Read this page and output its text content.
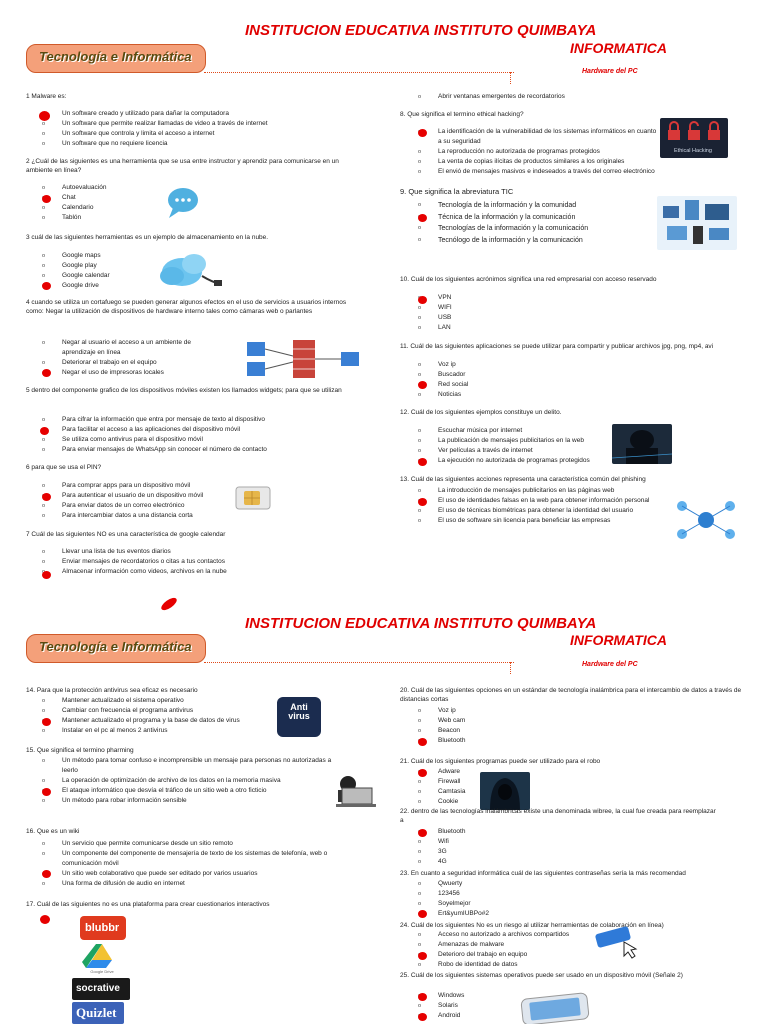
INSTITUCION EDUCATIVA INSTITUTO QUIMBAYA
Tecnología e Informática
INFORMATICA
Hardware del PC
1 Malware es:
o Un software creado y utilizado para dañar la computadora
o Un software que permite realizar llamadas de video a través de internet
o Un software que controla y limita el acceso a internet
o Un software que no requiere licencia
2 ¿Cuál de las siguientes es una herramienta que se usa entre instructor y aprendiz para comunicarse en un ambiente en línea?
o Autoevaluación
o Chat
o Calendario
o Tablón
3 cuál de las siguientes herramientas es un ejemplo de almacenamiento en la nube.
o Google maps
o Google play
o Google calendar
o Google drive
4 cuando se utiliza un cortafuego se pueden generar algunos efectos en el uso de servicios a usuarios internos como: Negar la utilización de dispositivos de hardware interno tales como cámaras web o parlantes
o Negar al usuario el acceso a un ambiente de aprendizaje en línea
o Deteriorar el trabajo en el equipo
o Negar el uso de impresoras locales
5 dentro del componente grafico de los dispositivos móviles existen los llamados widgets; para que se utilizan
o Para cifrar la información que entra por mensaje de texto al dispositivo
o Para facilitar el acceso a las aplicaciones del dispositivo móvil
o Se utiliza como antivirus para el dispositivo móvil
o Para enviar mensajes de WhatsApp sin conocer el número de contacto
6 para que se usa el PIN?
o Para comprar apps para un dispositivo móvil
o Para autenticar el usuario de un dispositivo móvil
o Para enviar datos de un correo electrónico
o Para intercambiar datos a una distancia corta
7 Cuál de las siguientes NO es una característica de google calendar
o Llevar una lista de tus eventos diarios
o Enviar mensajes de recordatorios o citas a tus contactos
o Almacenar información como videos, archivos en la nube
o Abrir ventanas emergentes de recordatorios
8. Que significa el termino ethical hacking?
o La identificación de la vulnerabilidad de los sistemas informáticos en cuanto a su seguridad
o La reproducción no autorizada de programas protegidos
o La venta de copias ilícitas de productos similares a los originales
o El envió de mensajes masivos e indeseados a través del correo electrónico
Ethical Hacking
9. Que significa la abreviatura TIC
o Tecnología de la información y la comunidad
o Técnica de la información y la comunicación
o Tecnologías de la información y la comunicación
o Tecnólogo de la información y la comunicación
10. Cuál de los siguientes acrónimos significa una red empresarial con acceso reservado
o VPN
o WIFI
o USB
o LAN
11. Cuál de las siguientes aplicaciones se puede utilizar para compartir y publicar archivos jpg, png, mp4, avi
o Voz ip
o Buscador
o Red social
o Noticias
12. Cuál de los siguientes ejemplos constituye un delito.
o Escuchar música por internet
o La publicación de mensajes publicitarios en la web
o Ver películas a través de internet
o La ejecución no autorizada de programas protegidos
13. Cuál de las siguientes acciones representa una característica común del phishing
o La introducción de mensajes publicitarios en las páginas web
o El uso de identidades falsas en la web para obtener información personal
o El uso de técnicas biométricas para obtener la identidad del usuario
o El uso de software sin licencia para beneficiar las empresas
INSTITUCION EDUCATIVA INSTITUTO QUIMBAYA
Tecnología e Informática	INFORMATICA
Hardware del PC
14. Para que la protección antivirus sea eficaz es necesario
o Mantener actualizado el sistema operativo
o Cambiar con frecuencia el programa antivirus
o Mantener actualizado el programa y la base de datos de virus
o Instalar en el pc al menos 2 antivirus
Anti virus
15. Que significa el termino pharming
o Un método para tomar confuso e incomprensible un mensaje para personas no autorizadas a leerlo
o La operación de optimización de archivo de los datos en la memoria masiva
o El ataque informático que desvía el tráfico de un sitio web a otro ficticio
o Un método para robar información sensible
16. Que es un wiki
o Un servicio que permite comunicarse desde un sitio remoto
o Un componente del componente de mensajería de texto de los sistemas de telefonía, web o comunicación móvil
o Un sitio web colaborativo que puede ser editado por varios usuarios
o Una forma de difusión de audio en internet
17. Cuál de las siguientes no es una plataforma para crear cuestionarios interactivos
blubbr
Google Drive
socrative
Quizlet
20. Cuál de las siguientes opciones en un estándar de tecnología inalámbrica para el intercambio de datos a través de distancias cortas
o Voz ip
o Web cam
o Beacon
o Bluetooth
21. Cuál de los siguientes programas puede ser utilizado para el robo
o Adware
o Firewall
o Camtasia
o Cookie
22. dentro de las tecnologías inalámbricas existe una denominada wibree, la cual fue creada para reemplazar a
o Bluetooth
o Wifi
o 3G
o 4G
23. En cuanto a seguridad informática cuál de las siguientes contraseñas sería la más recomendad
o Qwuerty
o 123456
o Soyelmejor
o Ert&yumIUBPo#2
24. Cuál de los siguientes No es un riesgo al utilizar herramientas de colaboración en línea)
o Acceso no autorizado a archivos compartidos
o Amenazas de malware
o Deterioro del trabajo en equipo
o Robo de identidad de datos
25. Cuál de los siguientes sistemas operativos puede ser usado en un dispositivo móvil (Señale 2)
o Windows
o Solaris
o Android
